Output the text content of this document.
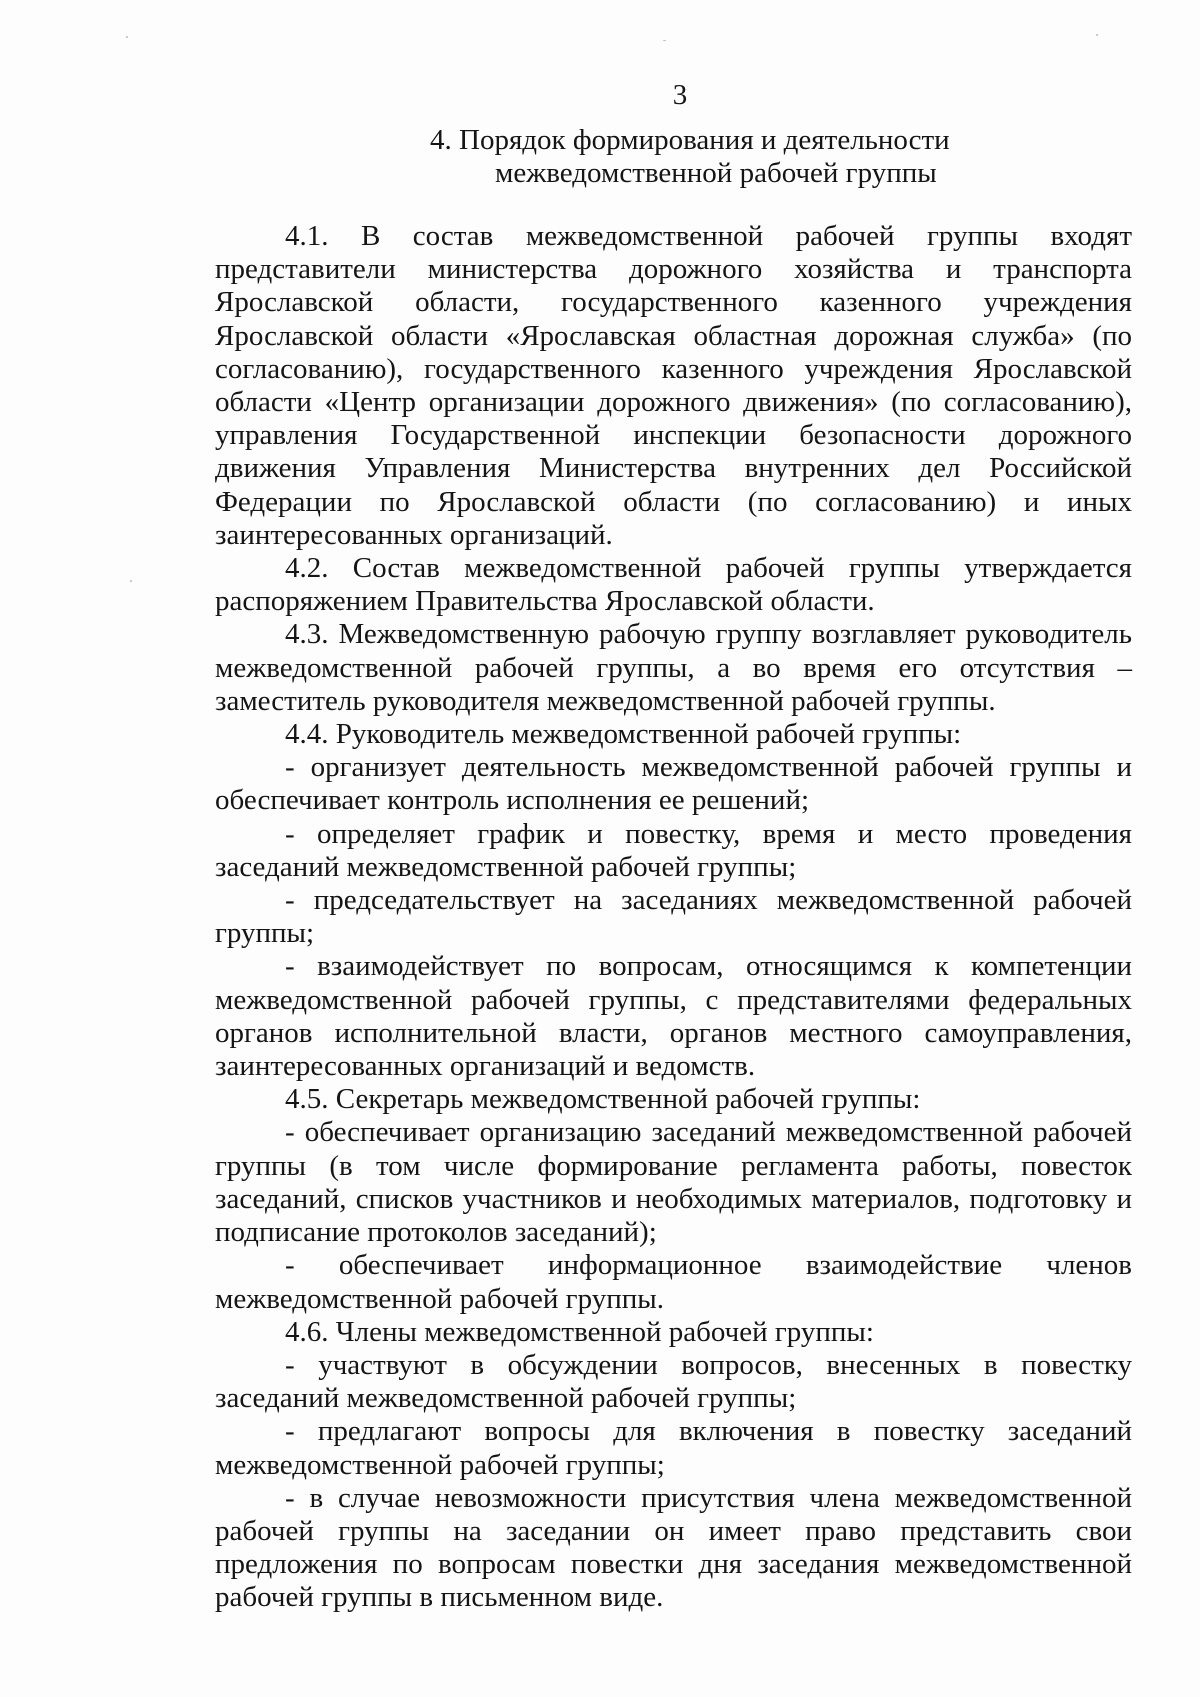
3
4. Порядок формирования и деятельности
межведомственной рабочей группы

4.1. В состав межведомственной рабочей группы входят представители министерства дорожного хозяйства и транспорта Ярославской области, государственного казенного учреждения Ярославской области «Ярославская областная дорожная служба» (по согласованию), государственного казенного учреждения Ярославской области «Центр организации дорожного движения» (по согласованию), управления Государственной инспекции безопасности дорожного движения Управления Министерства внутренних дел Российской Федерации по Ярославской области (по согласованию) и иных заинтересованных организаций.

4.2. Состав межведомственной рабочей группы утверждается распоряжением Правительства Ярославской области.

4.3. Межведомственную рабочую группу возглавляет руководитель межведомственной рабочей группы, а во время его отсутствия – заместитель руководителя межведомственной рабочей группы.

4.4. Руководитель межведомственной рабочей группы:

- организует деятельность межведомственной рабочей группы и обеспечивает контроль исполнения ее решений;

- определяет график и повестку, время и место проведения заседаний межведомственной рабочей группы;

- председательствует на заседаниях межведомственной рабочей группы;

- взаимодействует по вопросам, относящимся к компетенции межведомственной рабочей группы, с представителями федеральных органов исполнительной власти, органов местного самоуправления, заинтересованных организаций и ведомств.

4.5. Секретарь межведомственной рабочей группы:

- обеспечивает организацию заседаний межведомственной рабочей группы (в том числе формирование регламента работы, повесток заседаний, списков участников и необходимых материалов, подготовку и подписание протоколов заседаний);

- обеспечивает информационное взаимодействие членов межведомственной рабочей группы.

4.6. Члены межведомственной рабочей группы:

- участвуют в обсуждении вопросов, внесенных в повестку заседаний межведомственной рабочей группы;

- предлагают вопросы для включения в повестку заседаний межведомственной рабочей группы;

- в случае невозможности присутствия члена межведомственной рабочей группы на заседании он имеет право представить свои предложения по вопросам повестки дня заседания межведомственной рабочей группы в письменном виде.
